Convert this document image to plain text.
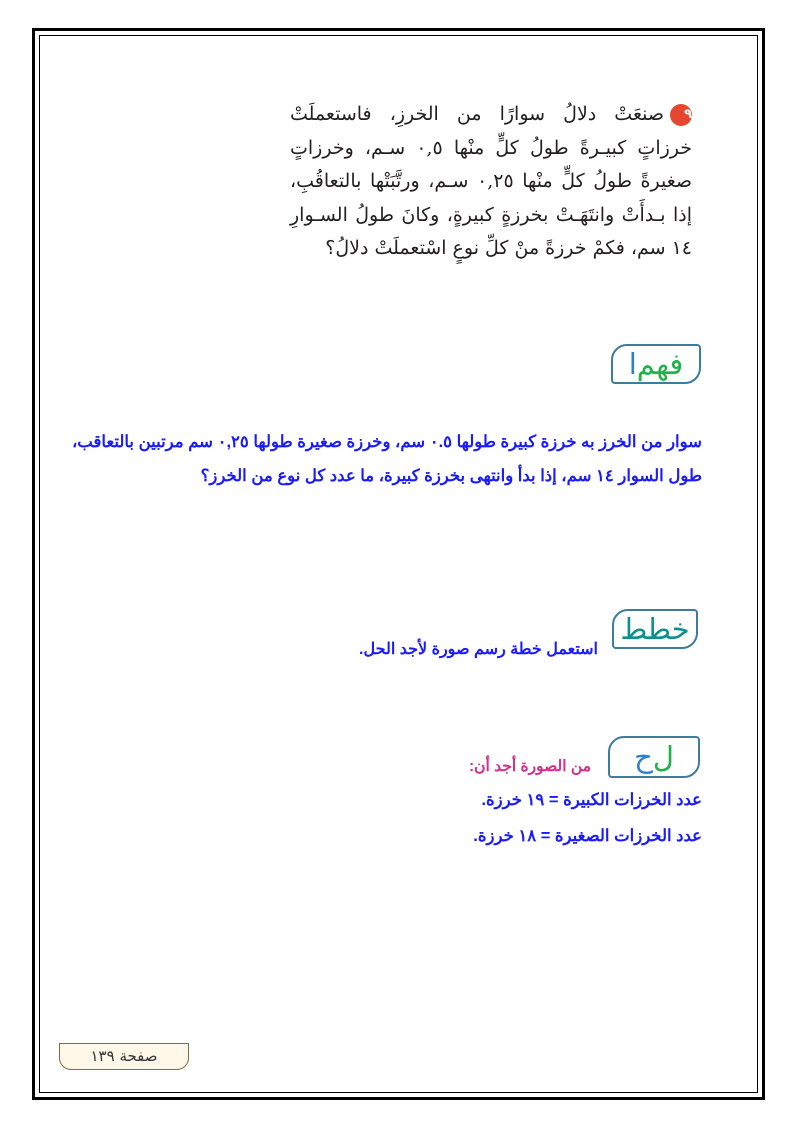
٩صنعَتْ دلالُ سوارًا من الخرزِ، فاستعملَتْ خرزاتٍ كبيـرةً طولُ كلٍّ منْها ٠,٥ سـم، وخرزاتٍ صغيرةً طولُ كلٍّ منْها ٠,٢٥ سـم، ورتَّبَتْها بالتعاقُبِ، إذا بـدأَتْ وانتَهَـتْ بخرزةٍ كبيرةٍ، وكانَ طولُ السـوارِ ١٤ سم، فكمْ خرزةً منْ كلِّ نوعٍ اسْتعملَتْ دلالُ؟
ا فهم
سوار من الخرز به خرزة كبيرة طولها ٠.٥ سم، وخرزة صغيرة طولها ٠,٢٥ سم مرتبين بالتعاقب، طول السوار ١٤ سم، إذا بدأ وانتهى بخرزة كبيرة، ما عدد كل نوع من الخرز؟
خطط
استعمل خطة رسم صورة لأجد الحل.
ح ل
من الصورة أجد أن:
عدد الخرزات الكبيرة = ١٩ خرزة.
عدد الخرزات الصغيرة = ١٨ خرزة.
صفحة ١٣٩
